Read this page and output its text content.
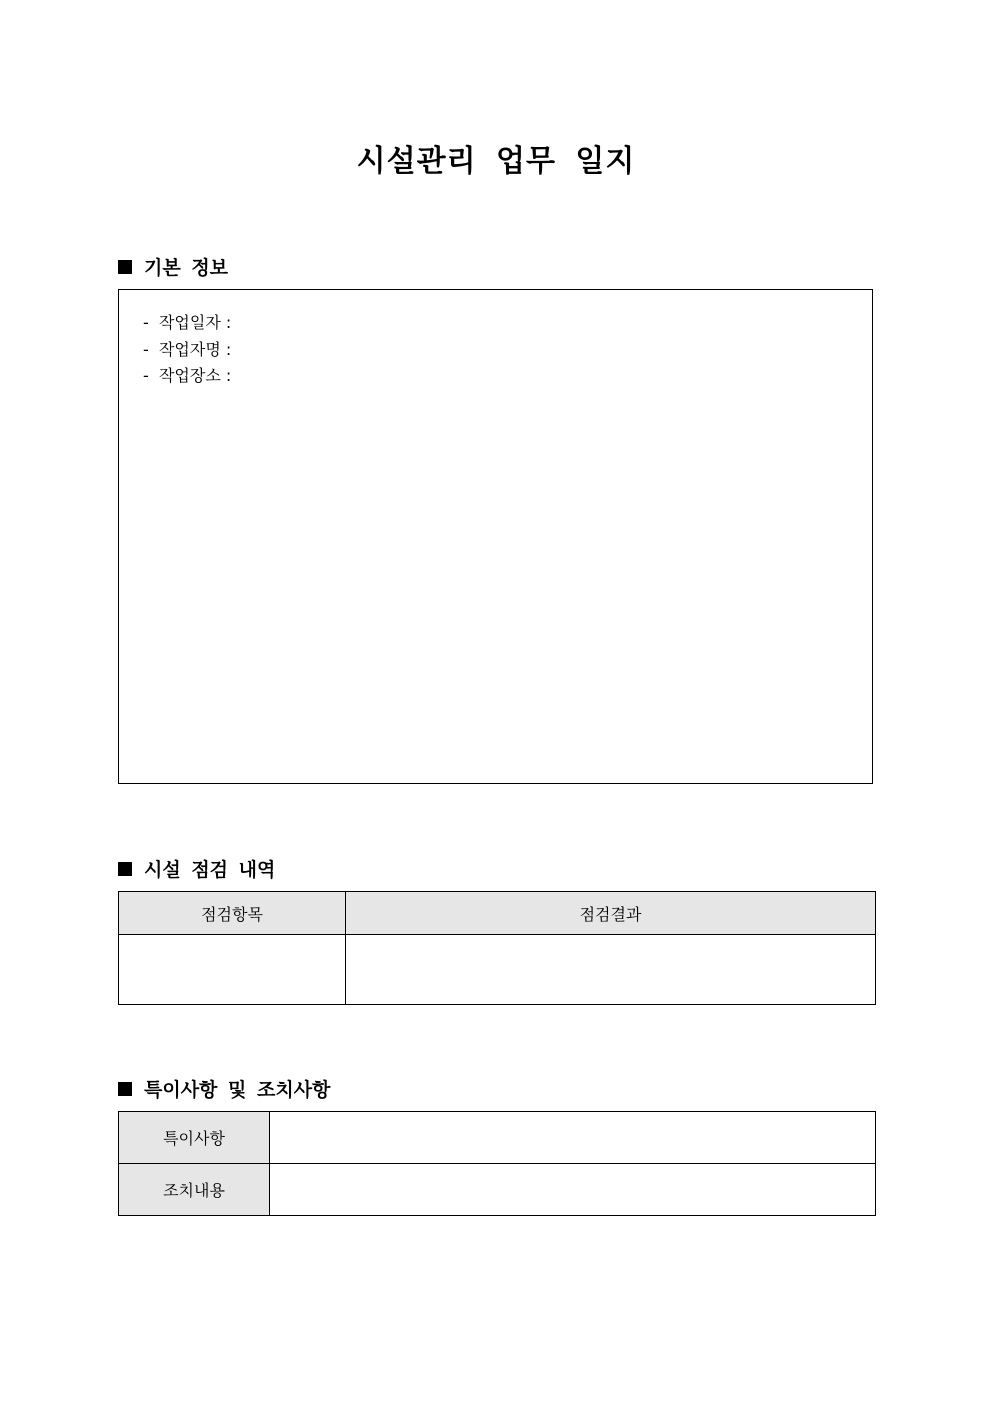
시설관리 업무 일지
기본 정보
-  작업일자 :
-  작업자명 :
-  작업장소 :
시설 점검 내역
점검항목	점검결과

특이사항 및 조치사항
특이사항	
조치내용	
